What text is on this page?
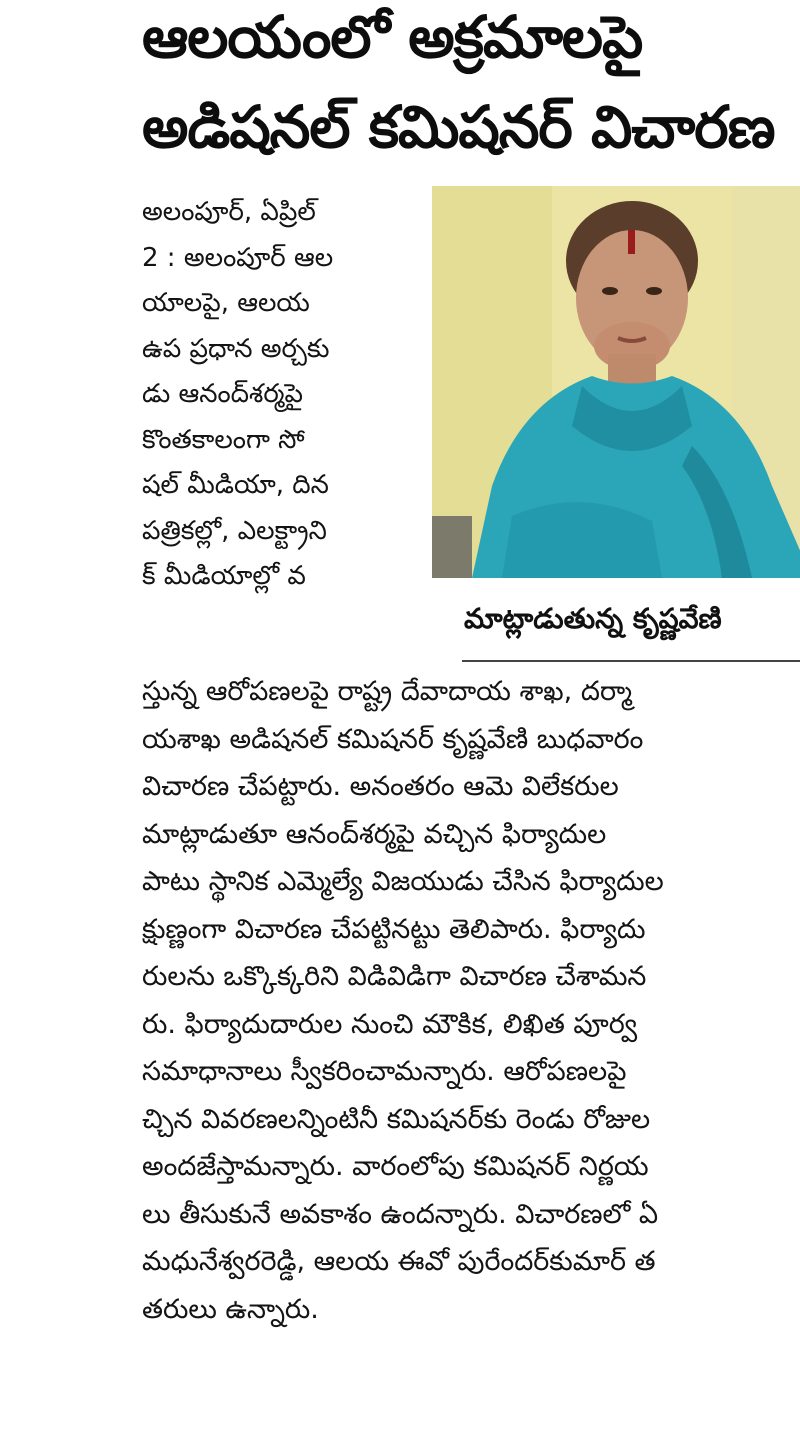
ఆలయంలో అక్రమాలపై
అడిషనల్ కమిషనర్ విచారణ
అలంపూర్, ఏప్రిల్
2 : అలంపూర్ ఆల
యాలపై, ఆలయ
ఉప ప్రధాన అర్చకు
డు ఆనంద్‌శర్మపై
కొంతకాలంగా సో
షల్ మీడియా, దిన
పత్రికల్లో, ఎలక్ట్రాని
క్ మీడియాల్లో వ
మాట్లాడుతున్న కృష్ణవేణి
స్తున్న ఆరోపణలపై రాష్ట్ర దేవాదాయ శాఖ, దర్మా
యశాఖ అడిషనల్ కమిషనర్ కృష్ణవేణి బుధవారం
విచారణ చేపట్టారు. అనంతరం ఆమె విలేకరుల
మాట్లాడుతూ ఆనంద్‌శర్మపై వచ్చిన ఫిర్యాదుల
పాటు స్థానిక ఎమ్మెల్యే విజయుడు చేసిన ఫిర్యాదుల
క్షుణ్ణంగా విచారణ చేపట్టినట్టు తెలిపారు. ఫిర్యాదు
రులను ఒక్కొక్కరిని విడివిడిగా విచారణ చేశామన
రు. ఫిర్యాదుదారుల నుంచి మౌకిక, లిఖిత పూర్వ
సమాధానాలు స్వీకరించామన్నారు. ఆరోపణలపై
చ్చిన వివరణలన్నింటినీ కమిషనర్‌కు రెండు రోజుల
అందజేస్తామన్నారు. వారంలోపు కమిషనర్ నిర్ణయ
లు తీసుకునే అవకాశం ఉందన్నారు. విచారణలో ఏ
మధునేశ్వరరెడ్డి, ఆలయ ఈవో పురేందర్‌కుమార్ త
తరులు ఉన్నారు.
